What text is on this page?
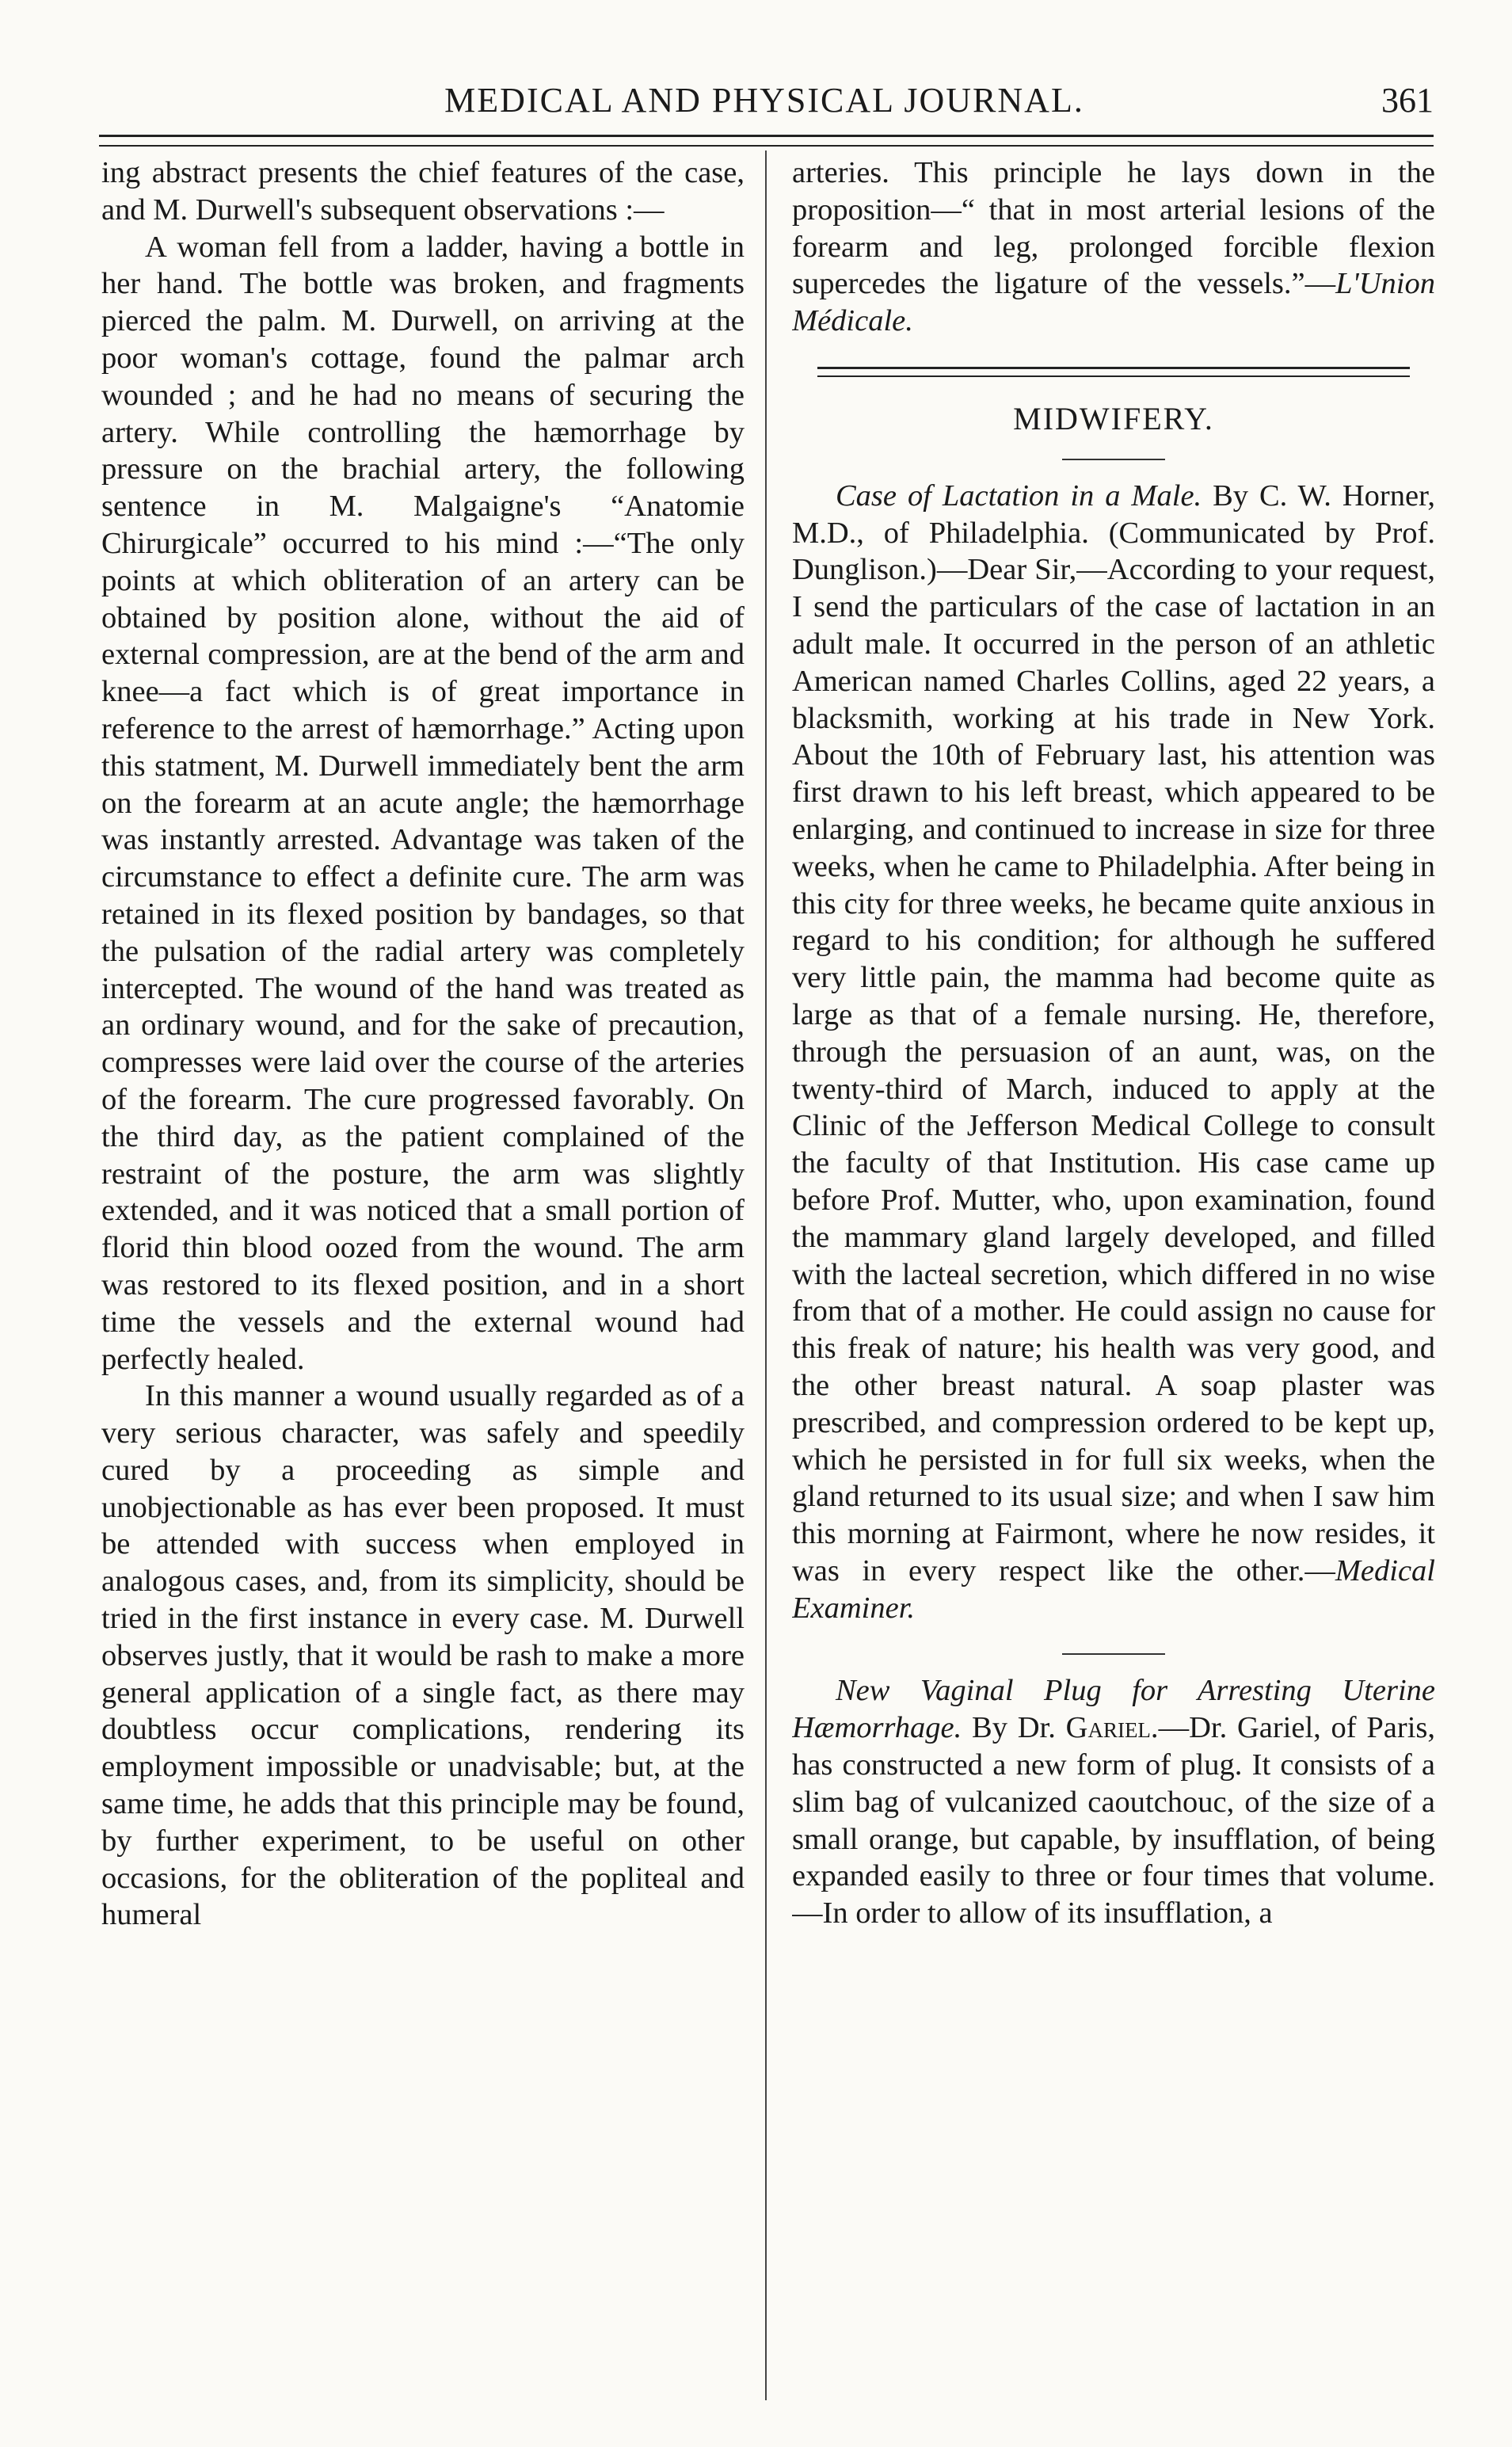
MEDICAL AND PHYSICAL JOURNAL.	361

ing abstract presents the chief features of the case, and M. Durwell's subsequent observations :—

A woman fell from a ladder, having a bottle in her hand. The bottle was broken, and fragments pierced the palm. M. Durwell, on arriving at the poor woman's cottage, found the palmar arch wounded ; and he had no means of securing the artery. While controlling the hæmorrhage by pressure on the brachial artery, the following sentence in M. Malgaigne's “Anatomie Chirurgicale” occurred to his mind :—“The only points at which obliteration of an artery can be obtained by position alone, without the aid of external compression, are at the bend of the arm and knee—a fact which is of great importance in reference to the arrest of hæmorrhage.” Acting upon this statment, M. Durwell immediately bent the arm on the forearm at an acute angle; the hæmorrhage was instantly arrested. Advantage was taken of the circumstance to effect a definite cure. The arm was retained in its flexed position by bandages, so that the pulsation of the radial artery was completely intercepted. The wound of the hand was treated as an ordinary wound, and for the sake of precaution, compresses were laid over the course of the arteries of the forearm. The cure progressed favorably. On the third day, as the patient complained of the restraint of the posture, the arm was slightly extended, and it was noticed that a small portion of florid thin blood oozed from the wound. The arm was restored to its flexed position, and in a short time the vessels and the external wound had perfectly healed.

In this manner a wound usually regarded as of a very serious character, was safely and speedily cured by a proceeding as simple and unobjectionable as has ever been proposed. It must be attended with success when employed in analogous cases, and, from its simplicity, should be tried in the first instance in every case. M. Durwell observes justly, that it would be rash to make a more general application of a single fact, as there may doubtless occur complications, rendering its employment impossible or unadvisable; but, at the same time, he adds that this principle may be found, by further experiment, to be useful on other occasions, for the obliteration of the popliteal and humeral

arteries. This principle he lays down in the proposition—“ that in most arterial lesions of the forearm and leg, prolonged forcible flexion supercedes the ligature of the vessels.”—L'Union Médicale.

MIDWIFERY.

Case of Lactation in a Male. By C. W. Horner, M.D., of Philadelphia. (Communicated by Prof. Dunglison.)—Dear Sir,—According to your request, I send the particulars of the case of lactation in an adult male. It occurred in the person of an athletic American named Charles Collins, aged 22 years, a blacksmith, working at his trade in New York. About the 10th of February last, his attention was first drawn to his left breast, which appeared to be enlarging, and continued to increase in size for three weeks, when he came to Philadelphia. After being in this city for three weeks, he became quite anxious in regard to his condition; for although he suffered very little pain, the mamma had become quite as large as that of a female nursing. He, therefore, through the persuasion of an aunt, was, on the twenty-third of March, induced to apply at the Clinic of the Jefferson Medical College to consult the faculty of that Institution. His case came up before Prof. Mutter, who, upon examination, found the mammary gland largely developed, and filled with the lacteal secretion, which differed in no wise from that of a mother. He could assign no cause for this freak of nature; his health was very good, and the other breast natural. A soap plaster was prescribed, and compression ordered to be kept up, which he persisted in for full six weeks, when the gland returned to its usual size; and when I saw him this morning at Fairmont, where he now resides, it was in every respect like the other.—Medical Examiner.

New Vaginal Plug for Arresting Uterine Hæmorrhage. By Dr. Gariel.—Dr. Gariel, of Paris, has constructed a new form of plug. It consists of a slim bag of vulcanized caoutchouc, of the size of a small orange, but capable, by insufflation, of being expanded easily to three or four times that volume.—In order to allow of its insufflation, a
